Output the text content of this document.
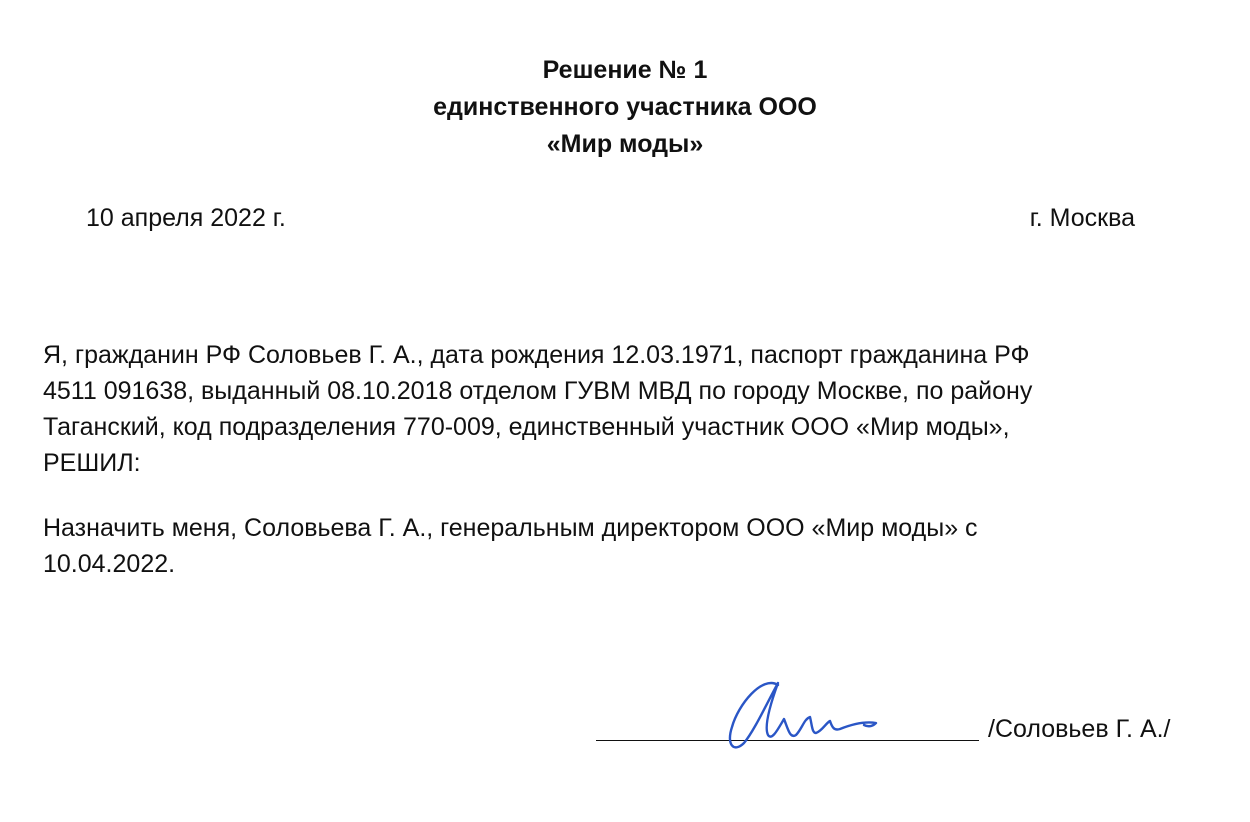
Решение № 1
единственного участника ООО
«Мир моды»
10 апреля 2022 г.	г. Москва
Я, гражданин РФ Соловьев Г. А., дата рождения 12.03.1971, паспорт гражданина РФ
4511 091638, выданный 08.10.2018 отделом ГУВМ МВД по городу Москве, по району
Таганский, код подразделения 770-009, единственный участник ООО «Мир моды»,
РЕШИЛ:
Назначить меня, Соловьева Г. А., генеральным директором ООО «Мир моды» с
10.04.2022.
/Соловьев Г. А./
